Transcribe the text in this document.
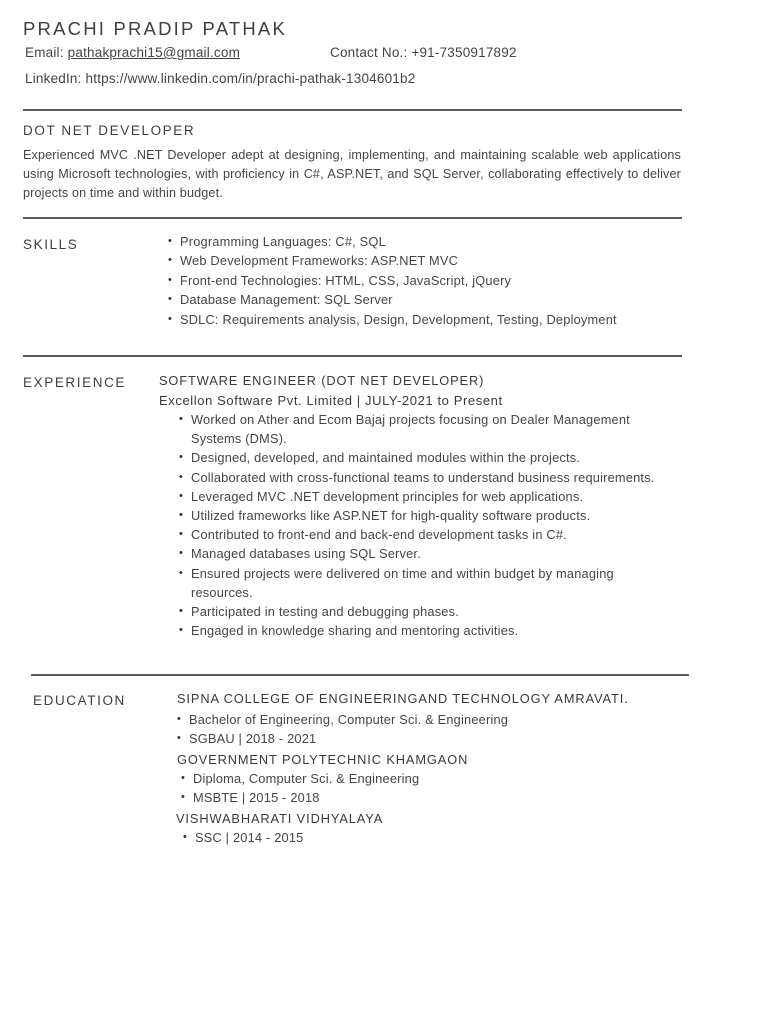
PRACHI PRADIP PATHAK
Email: pathakprachi15@gmail.com	Contact No.: +91-7350917892
LinkedIn: https://www.linkedin.com/in/prachi-pathak-1304601b2
DOT NET DEVELOPER
Experienced MVC .NET Developer adept at designing, implementing, and maintaining scalable web applications using Microsoft technologies, with proficiency in C#, ASP.NET, and SQL Server, collaborating effectively to deliver projects on time and within budget.
SKILLS
•	Programming Languages: C#, SQL
• Web Development Frameworks: ASP.NET MVC
• Front-end Technologies: HTML, CSS, JavaScript, jQuery
• Database Management: SQL Server
• SDLC: Requirements analysis, Design, Development, Testing, Deployment
EXPERIENCE	SOFTWARE ENGINEER (DOT NET DEVELOPER)
Excellon Software Pvt. Limited | JULY-2021 to Present
• Worked on Ather and Ecom Bajaj projects focusing on Dealer Management Systems (DMS).
• Designed, developed, and maintained modules within the projects.
• Collaborated with cross-functional teams to understand business requirements.
• Leveraged MVC .NET development principles for web applications.
• Utilized frameworks like ASP.NET for high-quality software products.
• Contributed to front-end and back-end development tasks in C#.
• Managed databases using SQL Server.
• Ensured projects were delivered on time and within budget by managing resources.
• Participated in testing and debugging phases.
• Engaged in knowledge sharing and mentoring activities.
EDUCATION	SIPNA COLLEGE OF ENGINEERINGAND TECHNOLOGY AMRAVATI.
• Bachelor of Engineering, Computer Sci. & Engineering
• SGBAU | 2018 - 2021
GOVERNMENT POLYTECHNIC KHAMGAON
• Diploma, Computer Sci. & Engineering
• MSBTE | 2015 - 2018
VISHWABHARATI VIDHYALAYA
• SSC | 2014 - 2015
